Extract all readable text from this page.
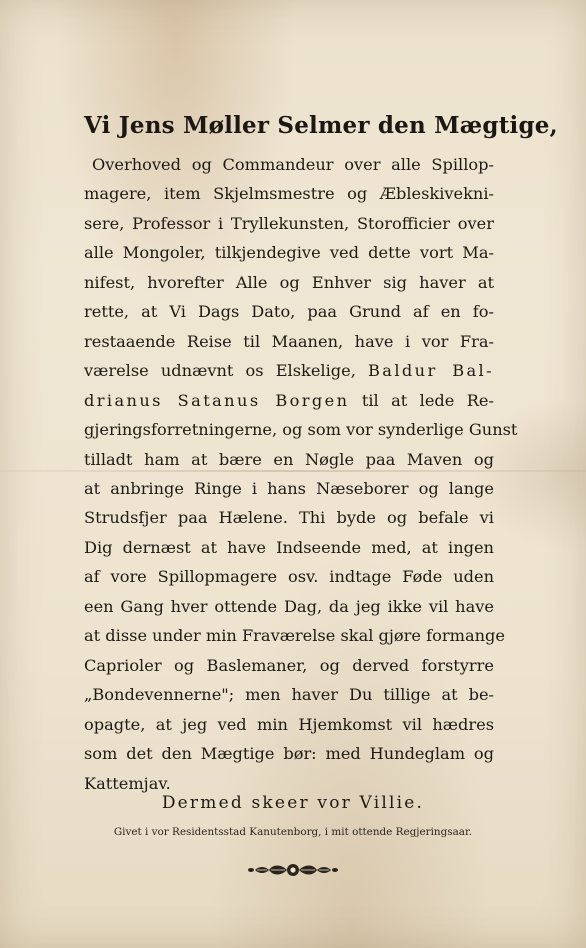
Vi Jens Møller Selmer den Mægtige,
Overhoved og Commandeur over alle Spillop-
magere, item Skjelmsmestre og Æbleskivekni-
sere, Professor i Tryllekunsten, Storofficier over
alle Mongoler, tilkjendegive ved dette vort Ma-
nifest, hvorefter Alle og Enhver sig haver at
rette, at Vi Dags Dato, paa Grund af en fo-
restaaende Reise til Maanen, have i vor Fra-
værelse udnævnt os Elskelige, Baldur Bal-
drianus Satanus Borgen til at lede Re-
gjeringsforretningerne, og som vor synderlige Gunst
tilladt ham at bære en Nøgle paa Maven og
at anbringe Ringe i hans Næseborer og lange
Strudsfjer paa Hælene. Thi byde og befale vi
Dig dernæst at have Indseende med, at ingen
af vore Spillopmagere osv. indtage Føde uden
een Gang hver ottende Dag, da jeg ikke vil have
at disse under min Fraværelse skal gjøre formange
Caprioler og Baslemaner, og derved forstyrre
„Bondevennerne"; men haver Du tillige at be-
opagte, at jeg ved min Hjemkomst vil hædres
som det den Mægtige bør: med Hundeglam og
Kattemjav.
Dermed skeer vor Villie.
Givet i vor Residentsstad Kanutenborg, i mit ottende Regjeringsaar.
